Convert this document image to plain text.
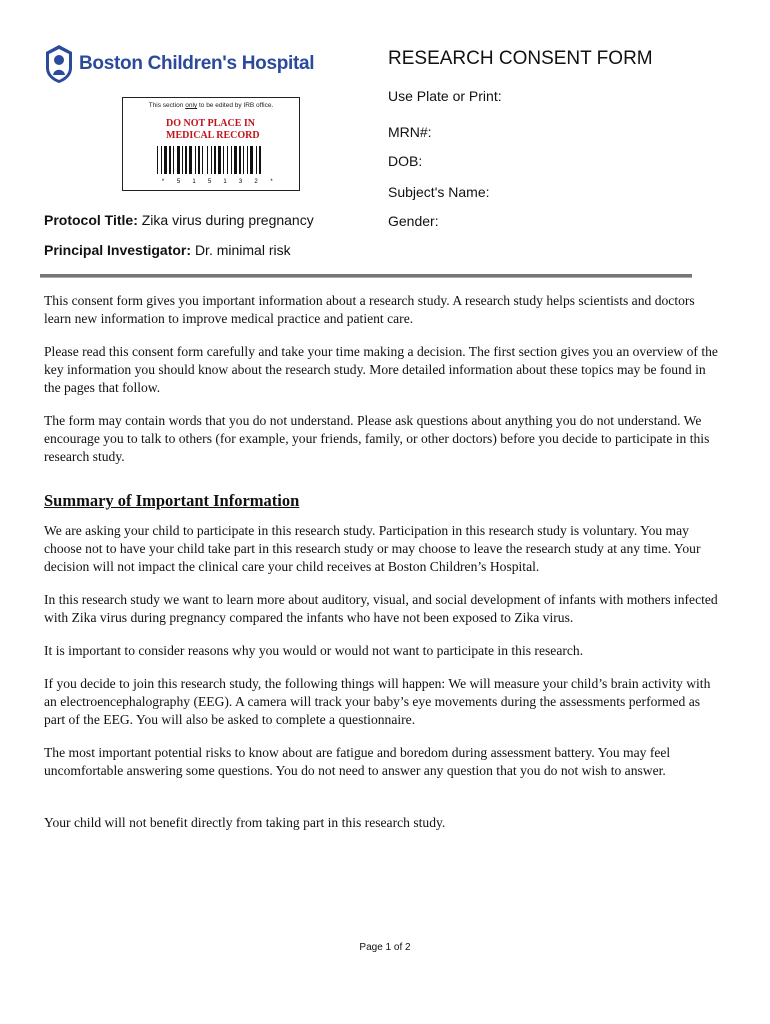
Boston Children's Hospital	RESEARCH CONSENT FORM
This section only to be edited by IRB office.
DO NOT PLACE IN
MEDICAL RECORD
* 5 1 5 1 3 2 *
Use Plate or Print:
MRN#:
DOB:
Subject's Name:
Gender:
Protocol Title: Zika virus during pregnancy
Principal Investigator: Dr. minimal risk

This consent form gives you important information about a research study. A research study helps scientists and doctors learn new information to improve medical practice and patient care.

Please read this consent form carefully and take your time making a decision. The first section gives you an overview of the key information you should know about the research study. More detailed information about these topics may be found in the pages that follow.

The form may contain words that you do not understand. Please ask questions about anything you do not understand. We encourage you to talk to others (for example, your friends, family, or other doctors) before you decide to participate in this research study.

Summary of Important Information

We are asking your child to participate in this research study. Participation in this research study is voluntary. You may choose not to have your child take part in this research study or may choose to leave the research study at any time. Your decision will not impact the clinical care your child receives at Boston Children’s Hospital.

In this research study we want to learn more about auditory, visual, and social development of infants with mothers infected with Zika virus during pregnancy compared the infants who have not been exposed to Zika virus.

It is important to consider reasons why you would or would not want to participate in this research.

If you decide to join this research study, the following things will happen: We will measure your child’s brain activity with an electroencephalography (EEG). A camera will track your baby’s eye movements during the assessments performed as part of the EEG. You will also be asked to complete a questionnaire.

The most important potential risks to know about are fatigue and boredom during assessment battery. You may feel uncomfortable answering some questions. You do not need to answer any question that you do not wish to answer.

Your child will not benefit directly from taking part in this research study.

Page 1 of 2
